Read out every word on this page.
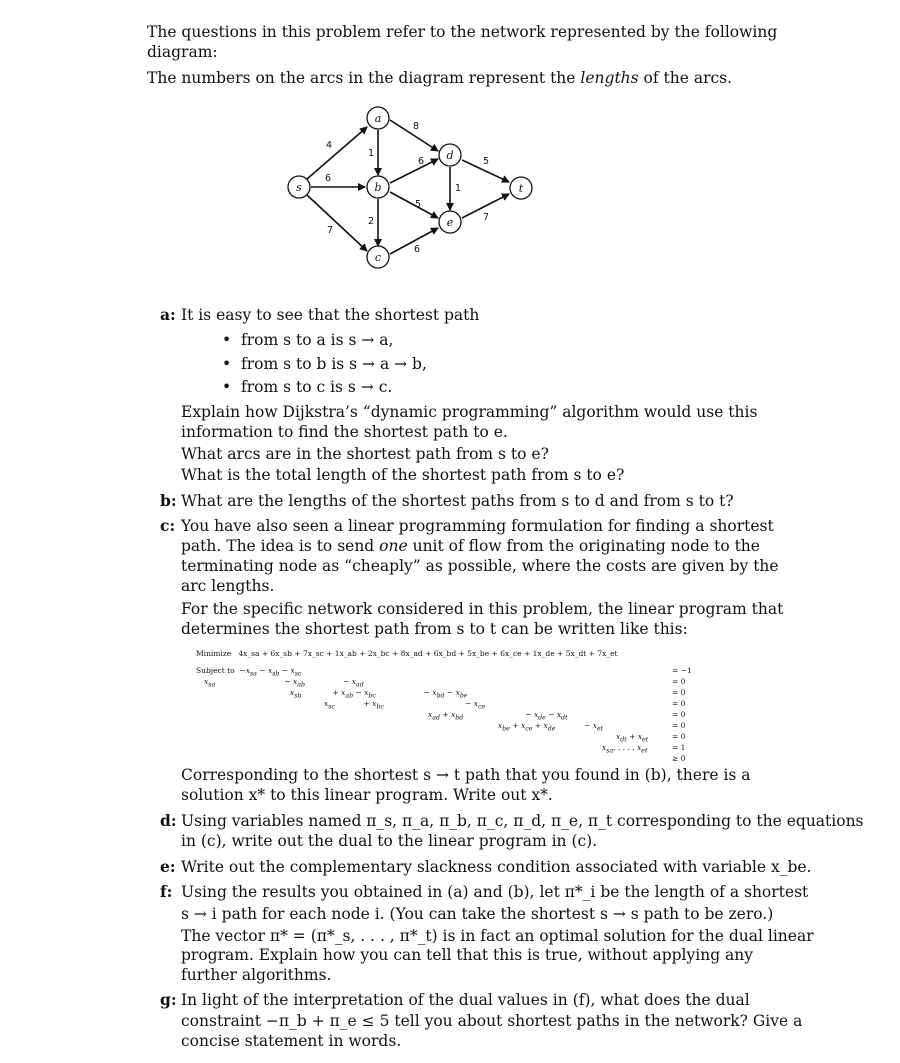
The questions in this problem refer to the network represented by the following
diagram:
The numbers on the arcs in the diagram represent the lengths of the arcs.
s
a
b
c
d
e
t
4
6
7
1
2
8
6
5
6
1
5
7
a: It is easy to see that the shortest path
•  from s to a is s → a,
•  from s to b is s → a → b,
•  from s to c is s → c.
Explain how Dijkstra’s “dynamic programming” algorithm would use this
information to find the shortest path to e.
What arcs are in the shortest path from s to e?
What is the total length of the shortest path from s to e?
b: What are the lengths of the shortest paths from s to d and from s to t?
c: You have also seen a linear programming formulation for finding a shortest
path. The idea is to send one unit of flow from the originating node to the
terminating node as “cheaply” as possible, where the costs are given by the
arc lengths.
For the specific network considered in this problem, the linear program that
determines the shortest path from s to t can be written like this:
Minimize 4x_sa + 6x_sb + 7x_sc + 1x_ab + 2x_bc + 8x_ad + 6x_bd + 5x_be + 6x_ce + 1x_de + 5x_dt + 7x_et
Subject to  $-x_{sa} - x_{sb} - x_{sc}$
$x_{sa}$                             − $x_{ab}$                − $x_{ad}$
$x_{sb}$             + $x_{ab} - x_{bc}$                    − $x_{bd} - x_{be}$
$x_{sc}$            + $x_{bc}$                                  − $x_{ce}$
$x_{ad} + x_{bd}$                          − $x_{de} - x_{dt}$
$x_{be} + x_{ce} + x_{de}$            − $x_{et}$
$x_{dt} + x_{et}$
$x_{sa}$, . . . , $x_{et}$
= −1
= 0
= 0
= 0
= 0
= 0
= 0
= 1
≥ 0
Corresponding to the shortest s → t path that you found in (b), there is a
solution x* to this linear program. Write out x*.
d: Using variables named π_s, π_a, π_b, π_c, π_d, π_e, π_t corresponding to the equations
in (c), write out the dual to the linear program in (c).
e: Write out the complementary slackness condition associated with variable x_be.
f: Using the results you obtained in (a) and (b), let π*_i be the length of a shortest
s → i path for each node i. (You can take the shortest s → s path to be zero.)
The vector π* = (π*_s, . . . , π*_t) is in fact an optimal solution for the dual linear
program. Explain how you can tell that this is true, without applying any
further algorithms.
g: In light of the interpretation of the dual values in (f), what does the dual
constraint −π_b + π_e ≤ 5 tell you about shortest paths in the network? Give a
concise statement in words.
